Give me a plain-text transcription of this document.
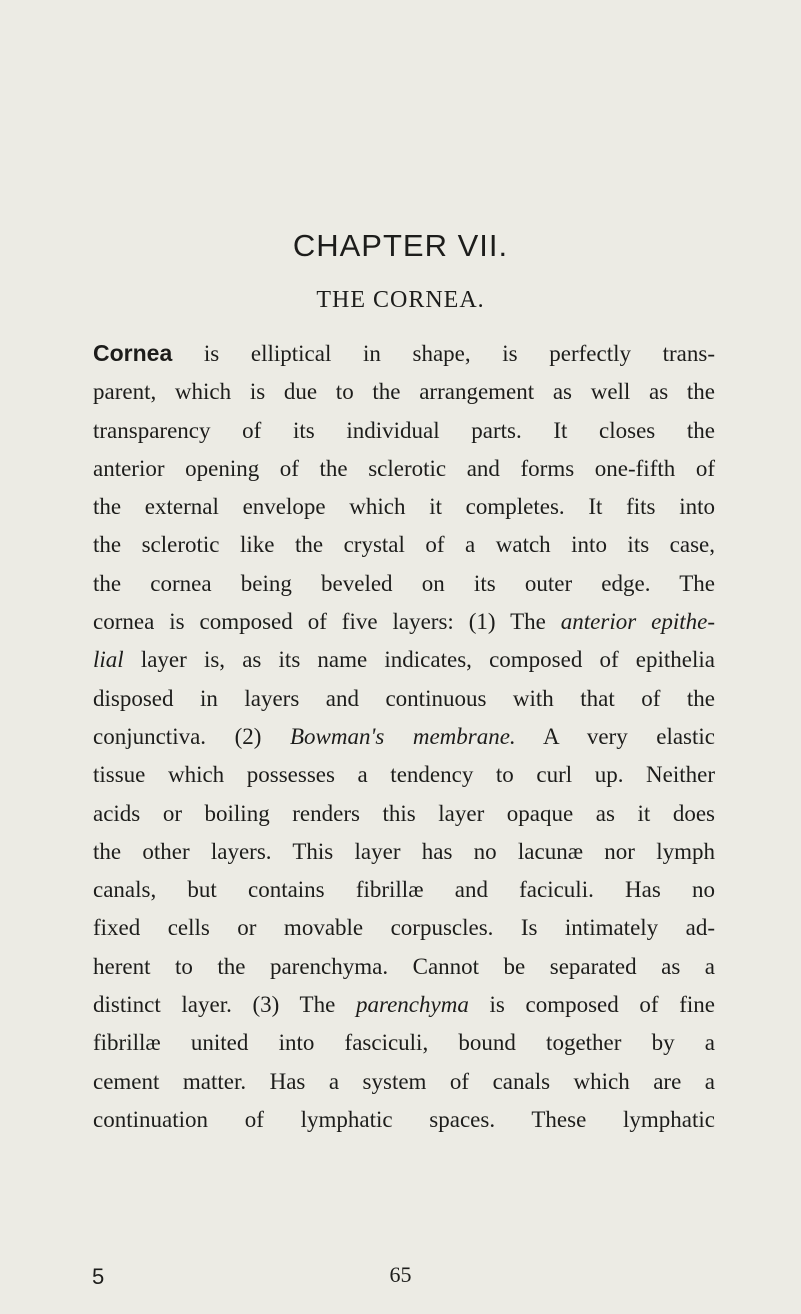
CHAPTER VII.
THE CORNEA.
Cornea is elliptical in shape, is perfectly trans-
parent, which is due to the arrangement as well as the
transparency of its individual parts. It closes the
anterior opening of the sclerotic and forms one-fifth of
the external envelope which it completes. It fits into
the sclerotic like the crystal of a watch into its case,
the cornea being beveled on its outer edge. The
cornea is composed of five layers: (1) The anterior epithe-
lial layer is, as its name indicates, composed of epithelia
disposed in layers and continuous with that of the
conjunctiva. (2) Bowman's membrane. A very elastic
tissue which possesses a tendency to curl up. Neither
acids or boiling renders this layer opaque as it does
the other layers. This layer has no lacunæ nor lymph
canals, but contains fibrillæ and faciculi. Has no
fixed cells or movable corpuscles. Is intimately ad-
herent to the parenchyma. Cannot be separated as a
distinct layer. (3) The parenchyma is composed of fine
fibrillæ united into fasciculi, bound together by a
cement matter. Has a system of canals which are a
continuation of lymphatic spaces. These lymphatic
5	65
